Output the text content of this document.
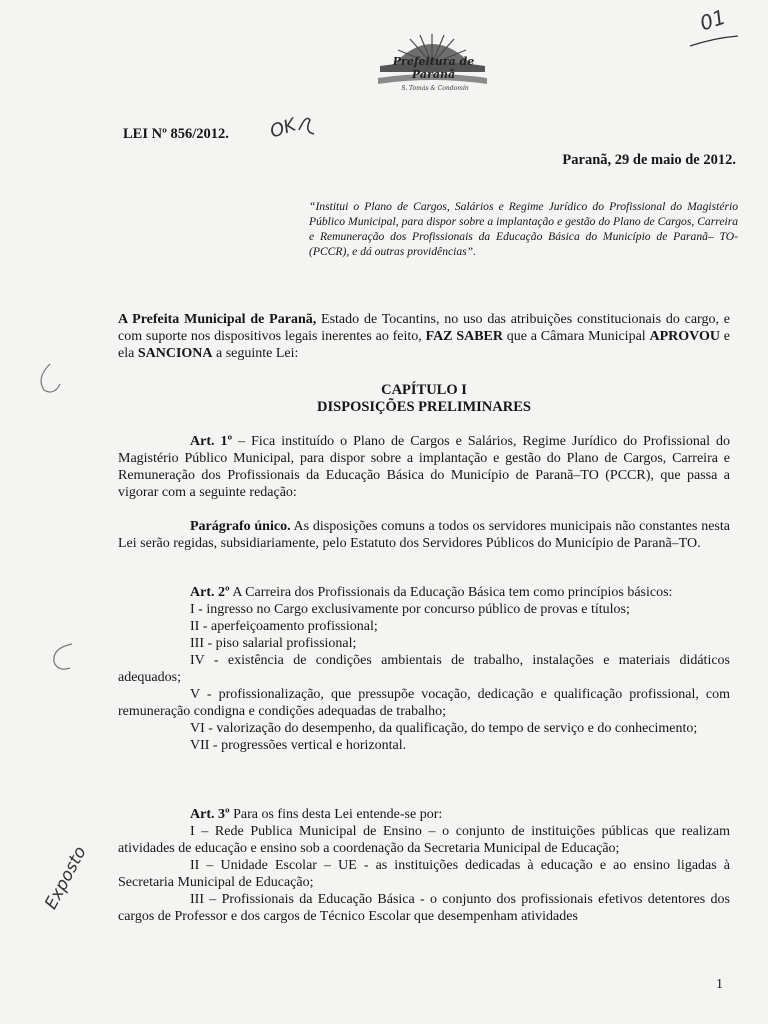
Prefeitura de Paranã
S. Tomás & Condomín
01
LEI Nº 856/2012. OK
Paranã, 29 de maio de 2012.
“Institui o Plano de Cargos, Salários e Regime Jurídico do Profissional do Magistério Público Municipal, para dispor sobre a implantação e gestão do Plano de Cargos, Carreira e Remuneração dos Profissionais da Educação Básica do Município de Paranã– TO- (PCCR), e dá outras providências”.
A Prefeita Municipal de Paranã, Estado de Tocantins, no uso das atribuições constitucionais do cargo, e com suporte nos dispositivos legais inerentes ao feito, FAZ SABER que a Câmara Municipal APROVOU e ela SANCIONA a seguinte Lei:
CAPÍTULO I
DISPOSIÇÕES PRELIMINARES
Art. 1º – Fica instituído o Plano de Cargos e Salários, Regime Jurídico do Profissional do Magistério Público Municipal, para dispor sobre a implantação e gestão do Plano de Cargos, Carreira e Remuneração dos Profissionais da Educação Básica do Município de Paranã–TO (PCCR), que passa a vigorar com a seguinte redação:
Parágrafo único. As disposições comuns a todos os servidores municipais não constantes nesta Lei serão regidas, subsidiariamente, pelo Estatuto dos Servidores Públicos do Município de Paranã–TO.
Art. 2º A Carreira dos Profissionais da Educação Básica tem como princípios básicos:
I - ingresso no Cargo exclusivamente por concurso público de provas e títulos;
II - aperfeiçoamento profissional;
III - piso salarial profissional;
IV - existência de condições ambientais de trabalho, instalações e materiais didáticos adequados;
V - profissionalização, que pressupõe vocação, dedicação e qualificação profissional, com remuneração condigna e condições adequadas de trabalho;
VI - valorização do desempenho, da qualificação, do tempo de serviço e do conhecimento;
VII - progressões vertical e horizontal.
Art. 3º Para os fins desta Lei entende-se por:
I – Rede Publica Municipal de Ensino – o conjunto de instituições públicas que realizam atividades de educação e ensino sob a coordenação da Secretaria Municipal de Educação;
II – Unidade Escolar – UE - as instituições dedicadas à educação e ao ensino ligadas à Secretaria Municipal de Educação;
III – Profissionais da Educação Básica - o conjunto dos profissionais efetivos detentores dos cargos de Professor e dos cargos de Técnico Escolar que desempenham atividades
Exposto
1
